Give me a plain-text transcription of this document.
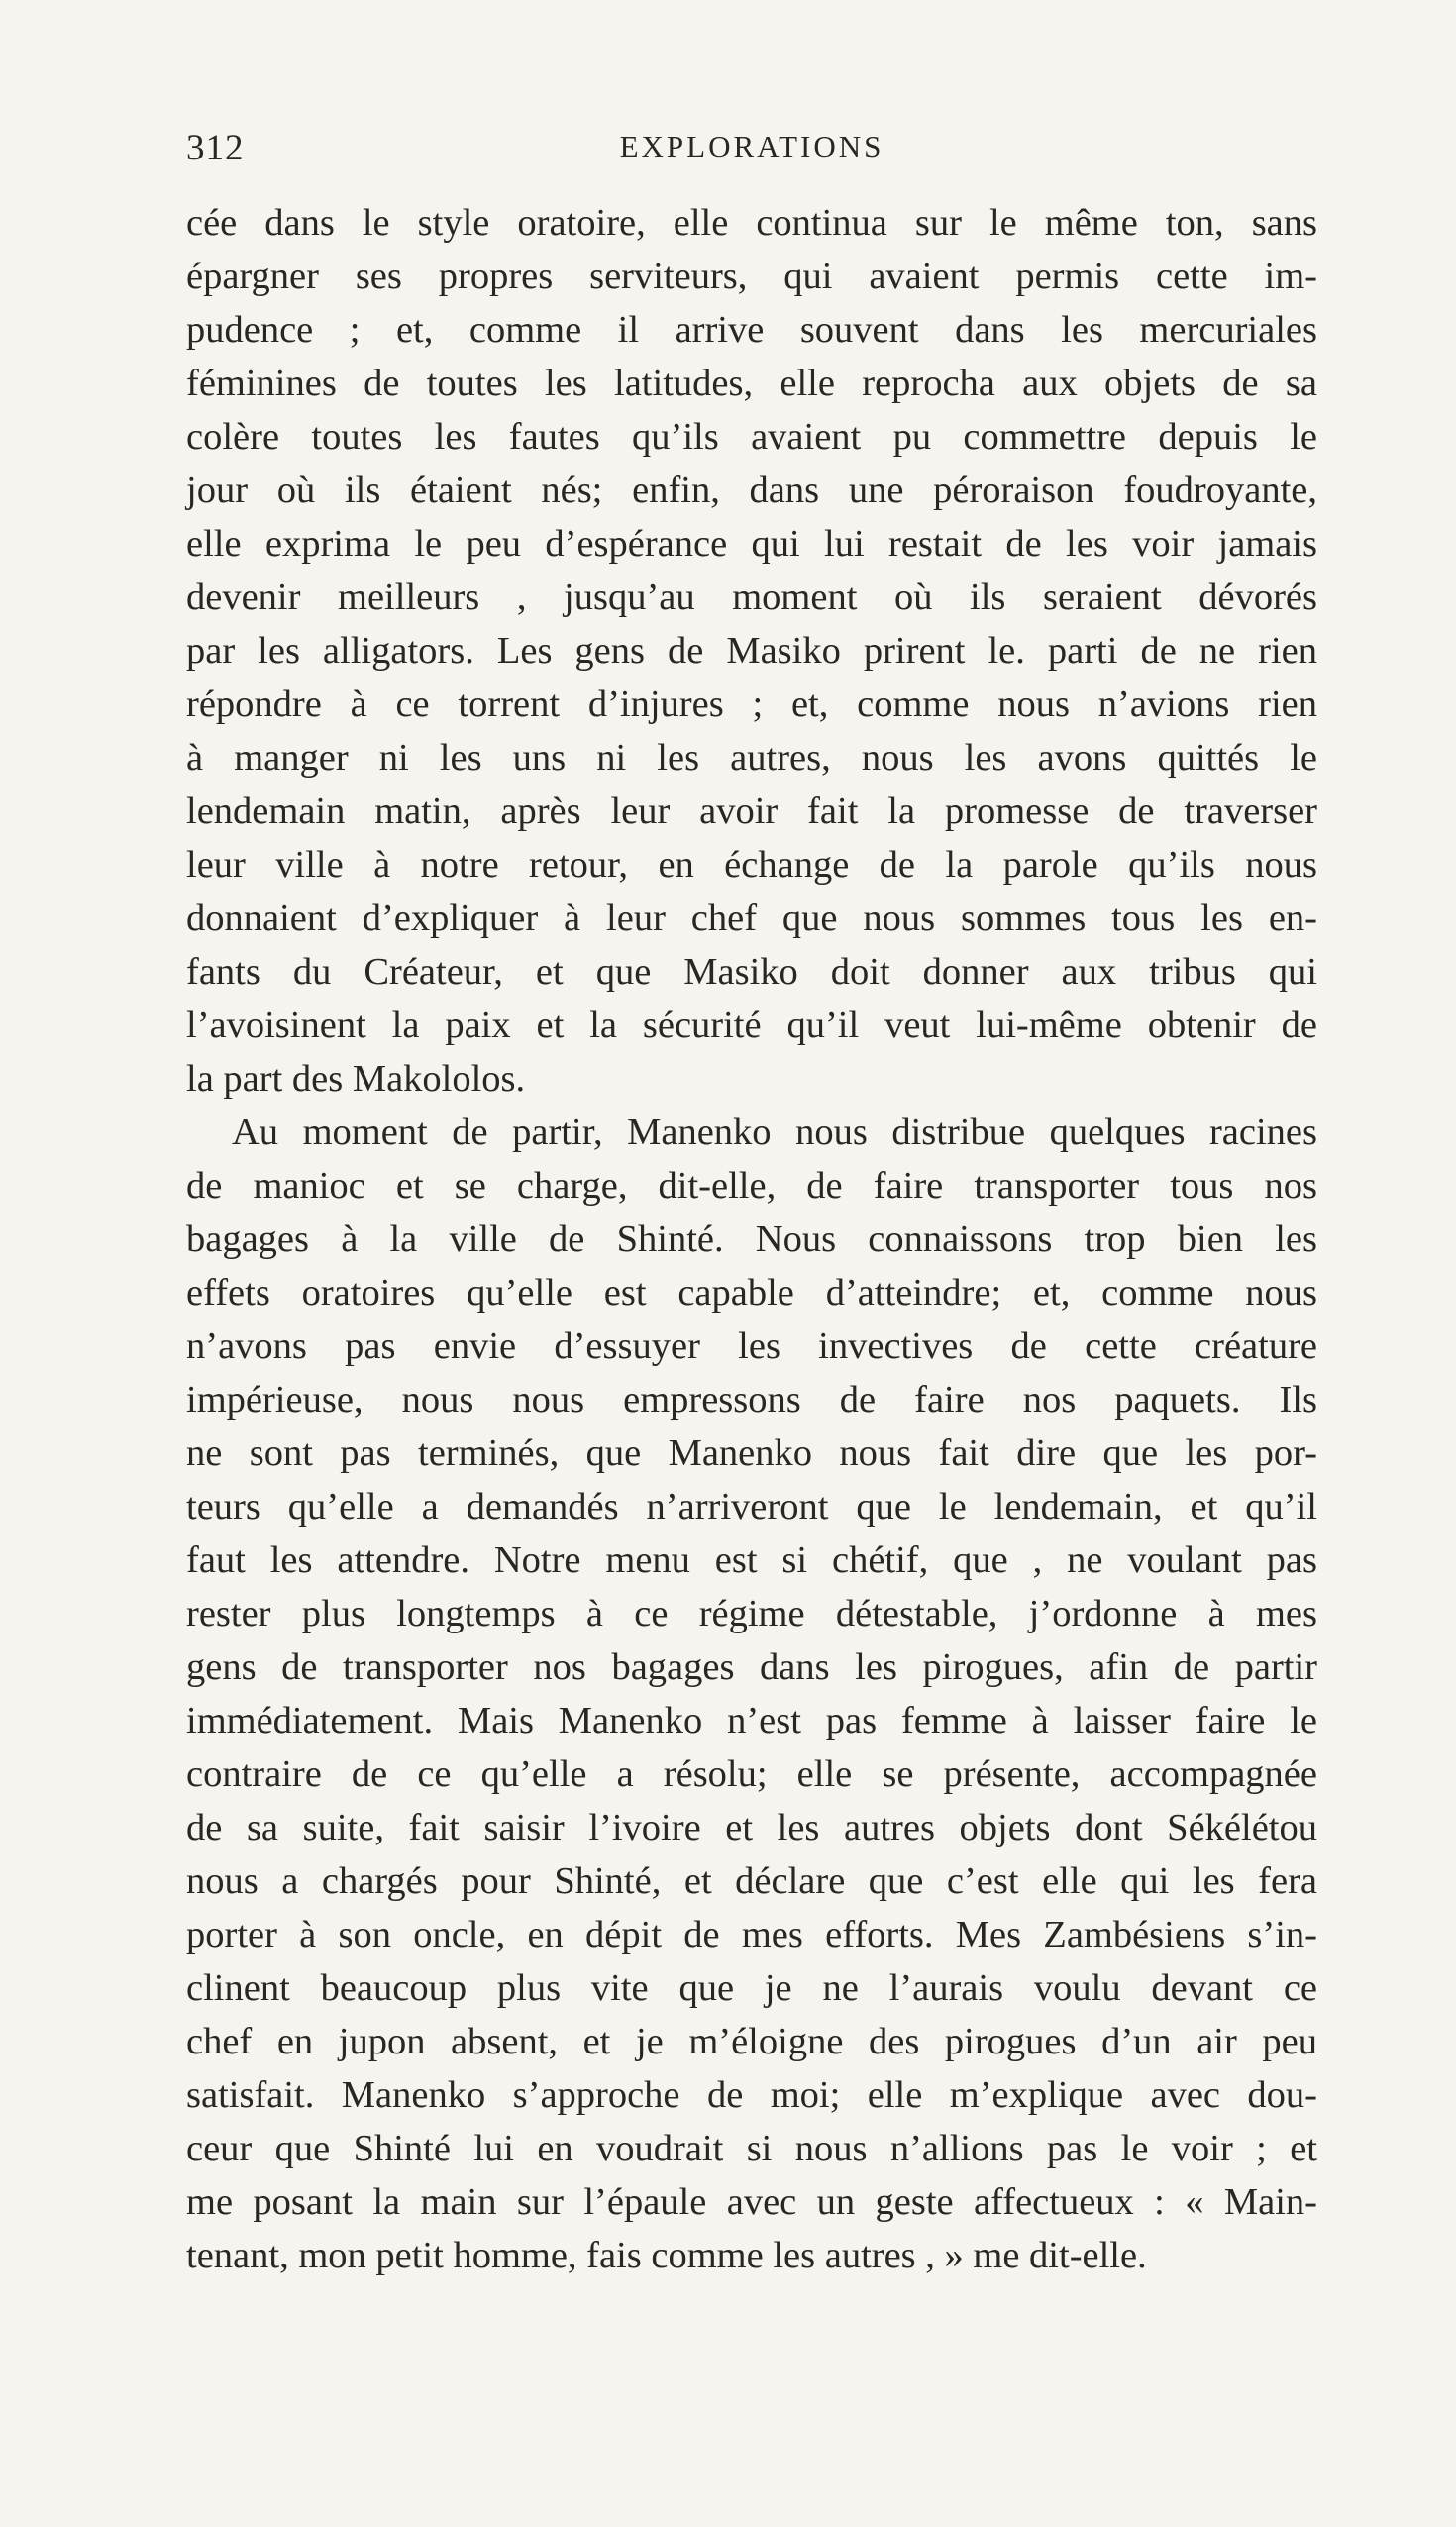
312	EXPLORATIONS
cée dans le style oratoire, elle continua sur le même ton, sans
épargner ses propres serviteurs, qui avaient permis cette im-
pudence ; et, comme il arrive souvent dans les mercuriales
féminines de toutes les latitudes, elle reprocha aux objets de sa
colère toutes les fautes qu’ils avaient pu commettre depuis le
jour où ils étaient nés; enfin, dans une péroraison foudroyante,
elle exprima le peu d’espérance qui lui restait de les voir jamais
devenir meilleurs , jusqu’au moment où ils seraient dévorés
par les alligators. Les gens de Masiko prirent le. parti de ne rien
répondre à ce torrent d’injures ; et, comme nous n’avions rien
à manger ni les uns ni les autres, nous les avons quittés le
lendemain matin, après leur avoir fait la promesse de traverser
leur ville à notre retour, en échange de la parole qu’ils nous
donnaient d’expliquer à leur chef que nous sommes tous les en-
fants du Créateur, et que Masiko doit donner aux tribus qui
l’avoisinent la paix et la sécurité qu’il veut lui-même obtenir de
la part des Makololos.
Au moment de partir, Manenko nous distribue quelques racines
de manioc et se charge, dit-elle, de faire transporter tous nos
bagages à la ville de Shinté. Nous connaissons trop bien les
effets oratoires qu’elle est capable d’atteindre; et, comme nous
n’avons pas envie d’essuyer les invectives de cette créature
impérieuse, nous nous empressons de faire nos paquets. Ils
ne sont pas terminés, que Manenko nous fait dire que les por-
teurs qu’elle a demandés n’arriveront que le lendemain, et qu’il
faut les attendre. Notre menu est si chétif, que , ne voulant pas
rester plus longtemps à ce régime détestable, j’ordonne à mes
gens de transporter nos bagages dans les pirogues, afin de partir
immédiatement. Mais Manenko n’est pas femme à laisser faire le
contraire de ce qu’elle a résolu; elle se présente, accompagnée
de sa suite, fait saisir l’ivoire et les autres objets dont Sékélétou
nous a chargés pour Shinté, et déclare que c’est elle qui les fera
porter à son oncle, en dépit de mes efforts. Mes Zambésiens s’in-
clinent beaucoup plus vite que je ne l’aurais voulu devant ce
chef en jupon absent, et je m’éloigne des pirogues d’un air peu
satisfait. Manenko s’approche de moi; elle m’explique avec dou-
ceur que Shinté lui en voudrait si nous n’allions pas le voir ; et
me posant la main sur l’épaule avec un geste affectueux : « Main-
tenant, mon petit homme, fais comme les autres , » me dit-elle.
